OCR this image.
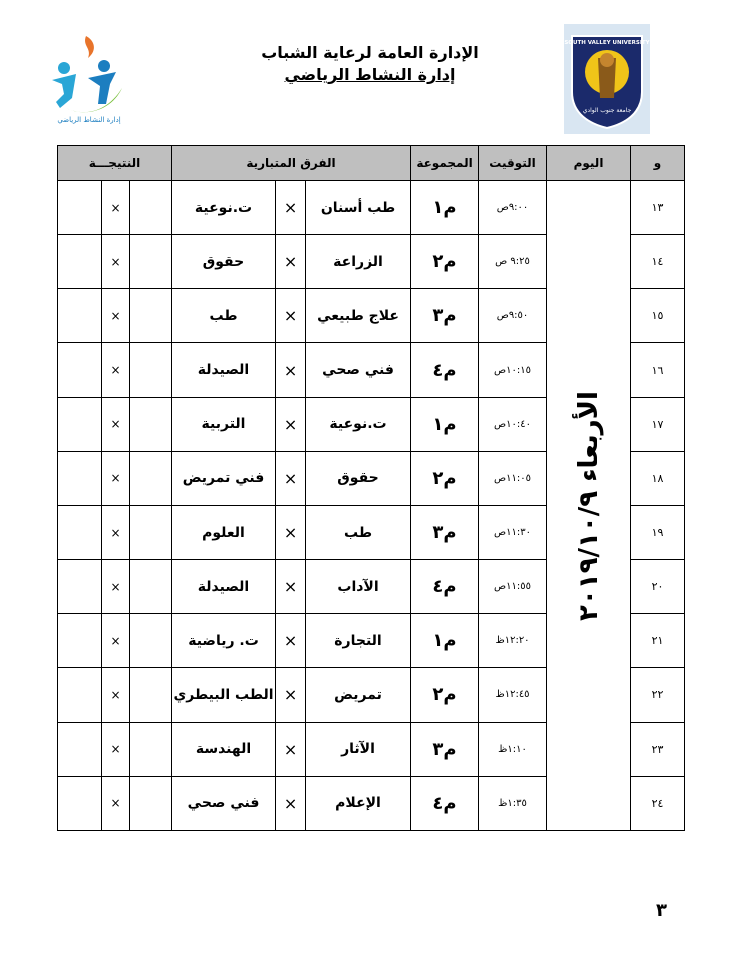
إدارة النشاط الرياضي
الإدارة العامة لرعاية الشباب
إدارة النشاط الرياضي
SOUTH VALLEY UNIVERSITY
جامعة جنوب الوادي
و	اليوم	التوقيت	المجموعة	الفرق المتبارية			النتيجـــة		
١٣	الأربعاء ٢٠١٩/١٠/٩	٩:٠٠ص	م١	طب أسنان	×	ت.نوعية		×	
١٤		٩:٢٥ ص	م٢	الزراعة	×	حقوق		×	
١٥		٩:٥٠ص	م٣	علاج طبيعي	×	طب		×	
١٦		١٠:١٥ص	م٤	فني صحي	×	الصيدلة		×	
١٧		١٠:٤٠ص	م١	ت.نوعية	×	التربية		×	
١٨		١١:٠٥ص	م٢	حقوق	×	فني تمريض		×	
١٩		١١:٣٠ص	م٣	طب	×	العلوم		×	
٢٠		١١:٥٥ص	م٤	الآداب	×	الصيدلة		×	
٢١		١٢:٢٠ظ	م١	التجارة	×	ت. رياضية		×	
٢٢		١٢:٤٥ظ	م٢	تمريض	×	الطب البيطري		×	
٢٣		١:١٠ظ	م٣	الآثار	×	الهندسة		×	
٢٤		١:٣٥ظ	م٤	الإعلام	×	فني صحي		×	
٣
